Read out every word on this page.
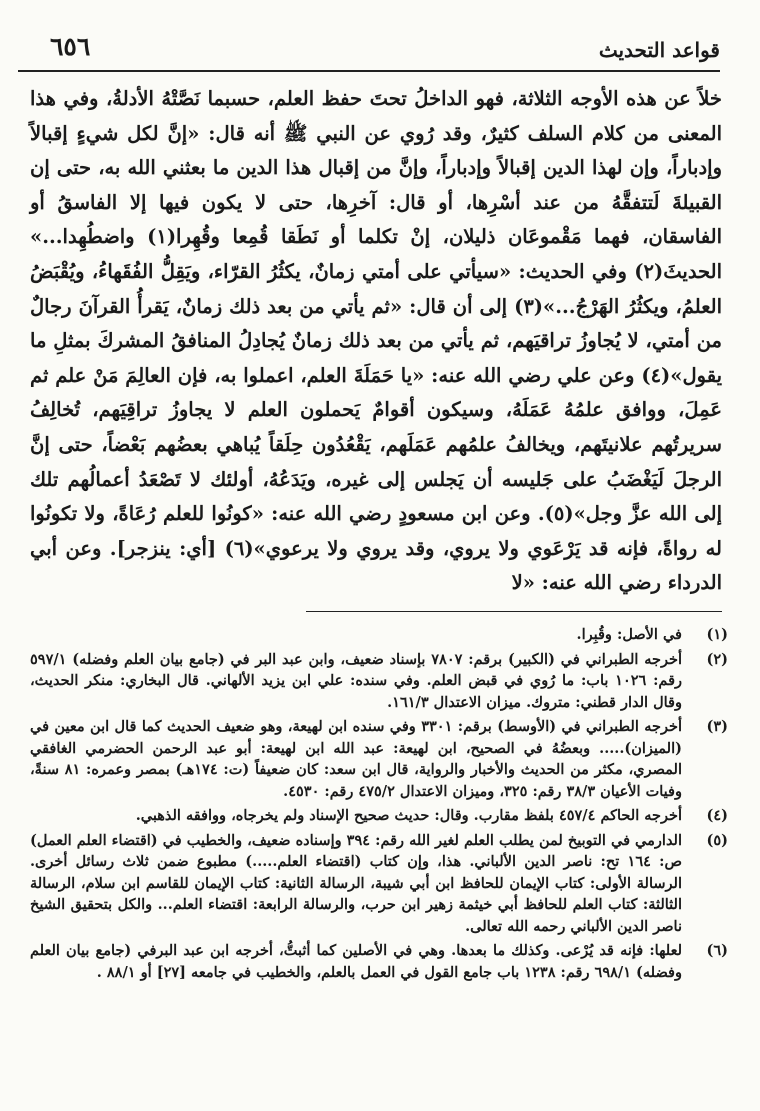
٦٥٦	قواعد التحديث

خلاً عن هذه الأوجه الثلاثة، فهو الداخلُ تحتَ حفظ العلم، حسبما نَصَّتْهُ الأدلةُ، وفي هذا المعنى من كلام السلف كثيرٌ، وقد رُوي عن النبي ﷺ أنه قال: «إنَّ لكل شيءٍ إقبالاً وإدباراً، وإن لهذا الدين إقبالاً وإدباراً، وإنَّ من إقبال هذا الدين ما بعثني الله به، حتى إن القبيلةَ لَتتفقَّهُ من عند أسْرِها، أو قال: آخرِها، حتى لا يكون فيها إلا الفاسقُ أو الفاسقان، فهما مَقْموعَان ذليلان، إنْ تكلما أو نَطَقا قُمِعا وقُهِرا(١) واضطُهِدا...» الحديثَ(٢) وفي الحديث: «سيأتي على أمتي زمانٌ، يكثُرُ القرّاء، ويَقِلُّ الفُقَهاءُ، ويُقْبَضُ العلمُ، ويكثُرُ الهَرْجُ...»(٣) إلى أن قال: «ثم يأتي من بعد ذلك زمانٌ، يَقرأُ القرآنَ رجالٌ من أمتي، لا يُجاوزُ تراقيَهم، ثم يأتي من بعد ذلك زمانٌ يُجادِلُ المنافقُ المشركَ بمثلِ ما يقول»(٤) وعن علي رضي الله عنه: «يا حَمَلَةَ العلم، اعملوا به، فإن العالِمَ مَنْ علم ثم عَمِلَ، ووافق علمُهُ عَمَلَهُ، وسيكون أقوامٌ يَحملون العلم لا يجاوزُ تراقِيَهم، تُخالِفُ سريرتُهم علانيتَهم، ويخالفُ علمُهم عَمَلَهم، يَقْعُدُون حِلَقاً يُباهي بعضُهم بَعْضاً، حتى إنَّ الرجلَ لَيَغْضَبُ على جَليسه أن يَجلس إلى غيره، ويَدَعُهُ، أولئك لا تَصْعَدُ أعمالُهم تلك إلى الله عزَّ وجل»(٥). وعن ابن مسعودٍ رضي الله عنه: «كونُوا للعلم رُعَاةً، ولا تكونُوا له رواةً، فإنه قد يَرْعَوي ولا يروي، وقد يروي ولا يرعوي»(٦) [أي: ينزجر]. وعن أبي الدرداء رضي الله عنه: «لا

(١)
في الأصل: وقُبِرا.
(٢)
أخرجه الطبراني في (الكبير) برقم: ٧٨٠٧ بإسناد ضعيف، وابن عبد البر في (جامع بيان العلم وفضله) ٥٩٧/١ رقم: ١٠٢٦ باب: ما رُوي في قبض العلم. وفي سنده: علي ابن يزيد الألهاني. قال البخاري: منكر الحديث، وقال الدار قطني: متروك. ميزان الاعتدال ١٦١/٣.
(٣)
أخرجه الطبراني في (الأوسط) برقم: ٣٣٠١ وفي سنده ابن لهيعة، وهو ضعيف الحديث كما قال ابن معين في (الميزان)..... وبعضُهُ في الصحيح، ابن لهيعة: عبد الله ابن لهيعة: أبو عبد الرحمن الحضرمي الغافقي المصري، مكثر من الحديث والأخبار والرواية، قال ابن سعد: كان ضعيفاً (ت: ١٧٤هـ) بمصر وعمره: ٨١ سنةً، وفيات الأعيان ٣٨/٣ رقم: ٣٢٥، وميزان الاعتدال ٤٧٥/٢ رقم: ٤٥٣٠.
(٤)
أخرجه الحاكم ٤٥٧/٤ بلفظ مقارب. وقال: حديث صحيح الإسناد ولم يخرجاه، ووافقه الذهبي.
(٥)
الدارمي في التوبيخ لمن يطلب العلم لغير الله رقم: ٣٩٤ وإسناده ضعيف، والخطيب في (اقتضاء العلم العمل) ص: ١٦٤ تح: ناصر الدين الألباني. هذا، وإن كتاب (اقتضاء العلم.....) مطبوع ضمن ثلاث رسائل أخرى. الرسالة الأولى: كتاب الإيمان للحافظ ابن أبي شيبة، الرسالة الثانية: كتاب الإيمان للقاسم ابن سلام، الرسالة الثالثة: كتاب العلم للحافظ أبي خيثمة زهير ابن حرب، والرسالة الرابعة: اقتضاء العلم... والكل بتحقيق الشيخ ناصر الدين الألباني رحمه الله تعالى.
(٦)
لعلها: فإنه قد يُرْعى. وكذلك ما بعدها. وهي في الأصلين كما أثبتُّ، أخرجه ابن عبد البرفي (جامع بيان العلم وفضله) ٦٩٨/١ رقم: ١٢٣٨ باب جامع القول في العمل بالعلم، والخطيب في جامعه [٢٧] أو ٨٨/١ .
